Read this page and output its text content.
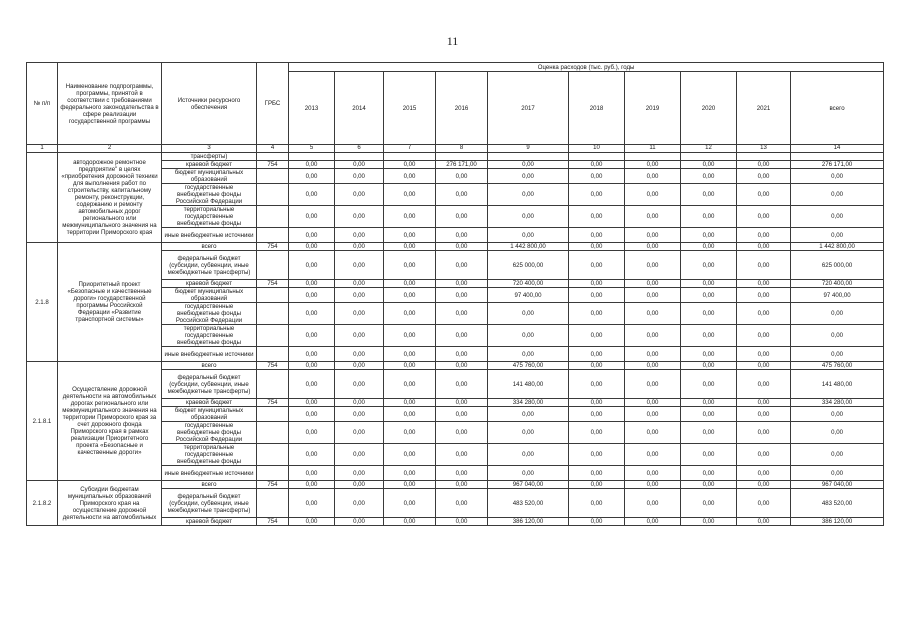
11
№ п/п	Наименование подпрограммы, программы, принятой в соответствии с требованиями федерального законодательства в сфере реализации государственной программы	Источники ресурсного обеспечения	ГРБС	Оценка расходов (тыс. руб.), годы									
				2013	2014	2015	2016	2017	2018	2019	2020	2021	всего
1	2	3	4	5	6	7	8	9	10	11	12	13	14
	автодорожное ремонтное предприятие" в целях «приобретения дорожной техники для выполнения работ по строительству, капитальному ремонту, реконструкции, содержанию и ремонту автомобильных дорог регионального или межмуниципального значения на территории Приморского края	трансферты)											
		краевой бюджет	754	0,00	0,00	0,00	276 171,00	0,00	0,00	0,00	0,00	0,00	276 171,00
		бюджет муниципальных образований		0,00	0,00	0,00	0,00	0,00	0,00	0,00	0,00	0,00	0,00
		государственные внебюджетные фонды Российской Федерации		0,00	0,00	0,00	0,00	0,00	0,00	0,00	0,00	0,00	0,00
		территориальные государственные внебюджетные фонды		0,00	0,00	0,00	0,00	0,00	0,00	0,00	0,00	0,00	0,00
		иные внебюджетные источники		0,00	0,00	0,00	0,00	0,00	0,00	0,00	0,00	0,00	0,00
2.1.8	Приоритетный проект «Безопасные и качественные дороги» государственной программы Российской Федерации «Развитие транспортной системы»	всего	754	0,00	0,00	0,00	0,00	1 442 800,00	0,00	0,00	0,00	0,00	1 442 800,00
		федеральный бюджет (субсидии, субвенции, иные межбюджетные трансферты)		0,00	0,00	0,00	0,00	625 000,00	0,00	0,00	0,00	0,00	625 000,00
		краевой бюджет	754	0,00	0,00	0,00	0,00	720 400,00	0,00	0,00	0,00	0,00	720 400,00
		бюджет муниципальных образований		0,00	0,00	0,00	0,00	97 400,00	0,00	0,00	0,00	0,00	97 400,00
		государственные внебюджетные фонды Российской Федерации		0,00	0,00	0,00	0,00	0,00	0,00	0,00	0,00	0,00	0,00
		территориальные государственные внебюджетные фонды		0,00	0,00	0,00	0,00	0,00	0,00	0,00	0,00	0,00	0,00
		иные внебюджетные источники		0,00	0,00	0,00	0,00	0,00	0,00	0,00	0,00	0,00	0,00
2.1.8.1	Осуществление дорожной деятельности на автомобильных дорогах регионального или межмуниципального значения на территории Приморского края за счет дорожного фонда Приморского края в рамках реализации Приоритетного проекта «Безопасные и качественные дороги»	всего	754	0,00	0,00	0,00	0,00	475 760,00	0,00	0,00	0,00	0,00	475 760,00
		федеральный бюджет (субсидии, субвенции, иные межбюджетные трансферты)		0,00	0,00	0,00	0,00	141 480,00	0,00	0,00	0,00	0,00	141 480,00
		краевой бюджет	754	0,00	0,00	0,00	0,00	334 280,00	0,00	0,00	0,00	0,00	334 280,00
		бюджет муниципальных образований		0,00	0,00	0,00	0,00	0,00	0,00	0,00	0,00	0,00	0,00
		государственные внебюджетные фонды Российской Федерации		0,00	0,00	0,00	0,00	0,00	0,00	0,00	0,00	0,00	0,00
		территориальные государственные внебюджетные фонды		0,00	0,00	0,00	0,00	0,00	0,00	0,00	0,00	0,00	0,00
		иные внебюджетные источники		0,00	0,00	0,00	0,00	0,00	0,00	0,00	0,00	0,00	0,00
2.1.8.2	Субсидии бюджетам муниципальных образований Приморского края на осуществление дорожной деятельности на автомобильных	всего	754	0,00	0,00	0,00	0,00	967 040,00	0,00	0,00	0,00	0,00	967 040,00
		федеральный бюджет (субсидии, субвенции, иные межбюджетные трансферты)		0,00	0,00	0,00	0,00	483 520,00	0,00	0,00	0,00	0,00	483 520,00
		краевой бюджет	754	0,00	0,00	0,00	0,00	386 120,00	0,00	0,00	0,00	0,00	386 120,00
